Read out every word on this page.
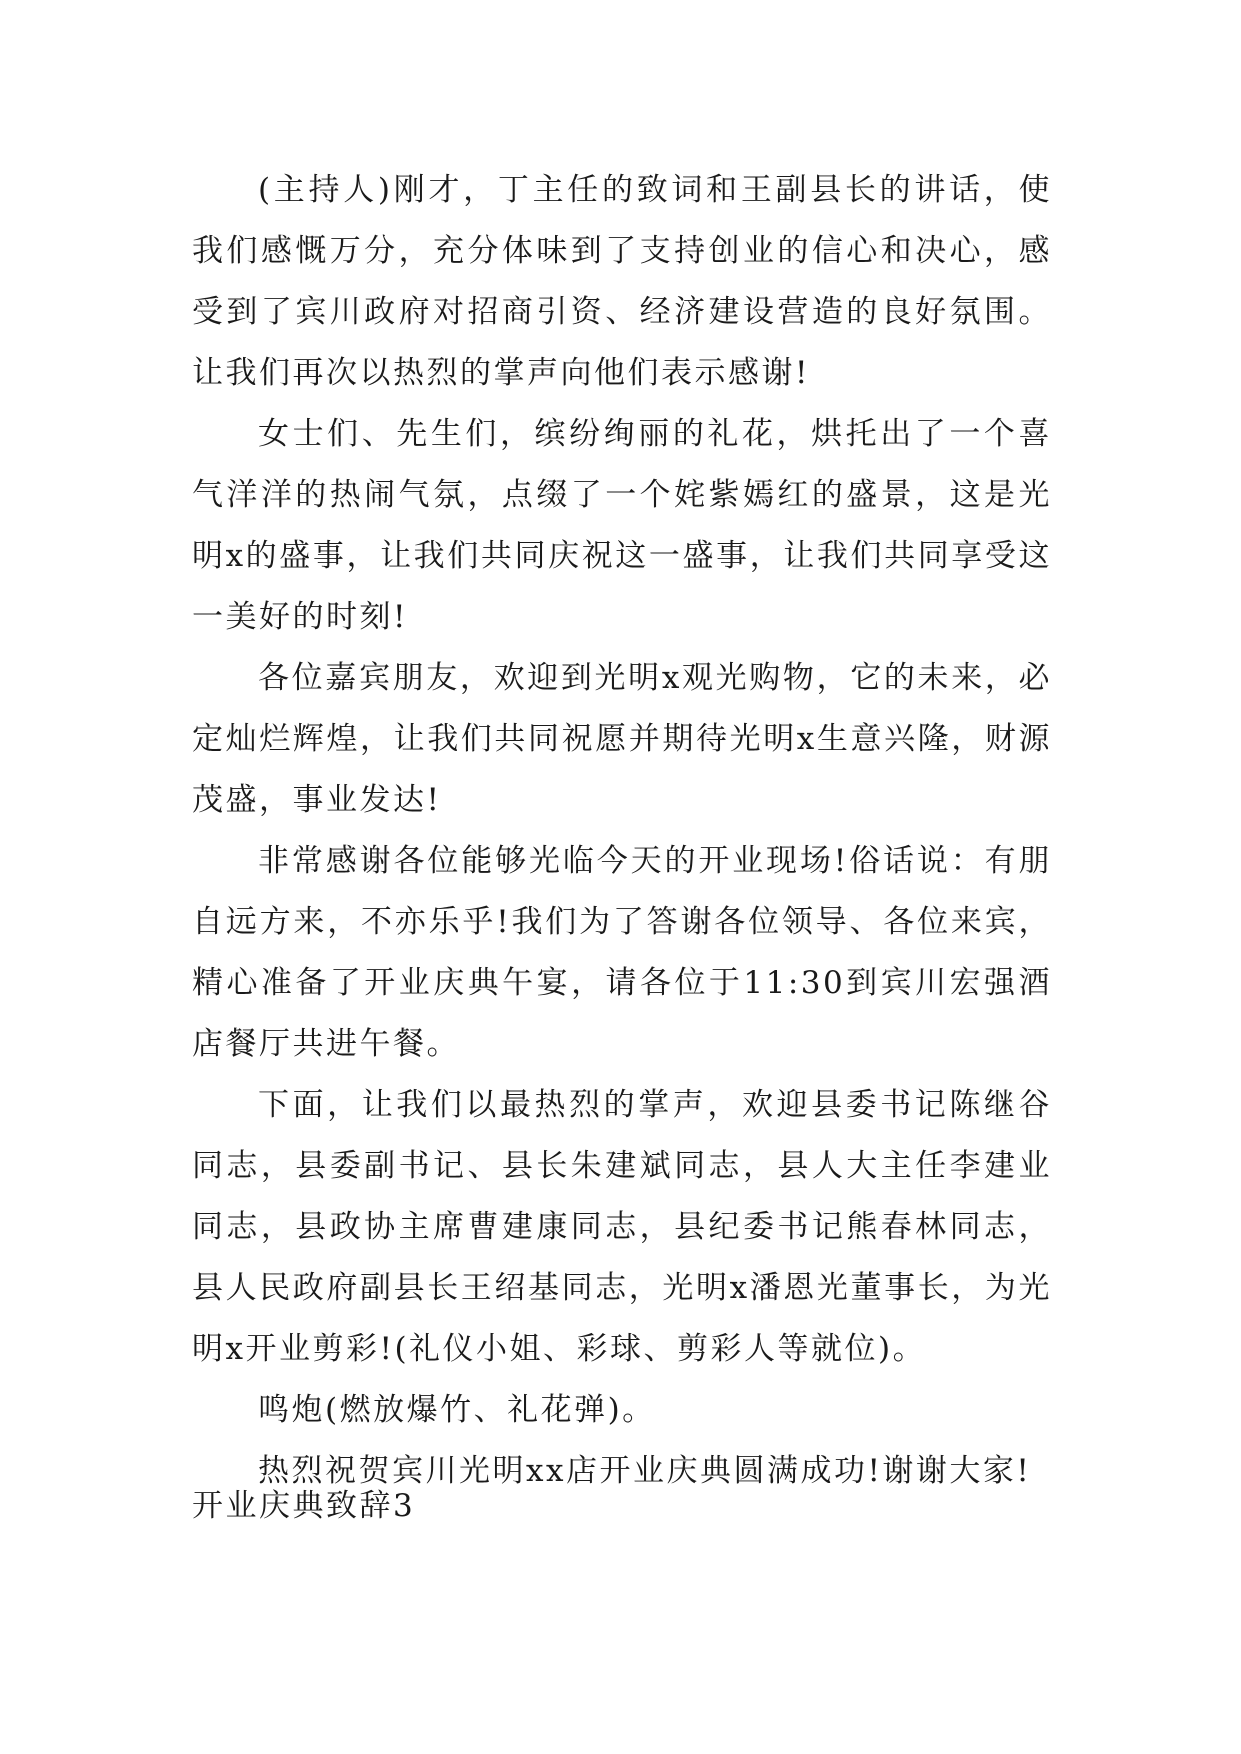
(主持人)刚才，丁主任的致词和王副县长的讲话，使我们感慨万分，充分体味到了支持创业的信心和决心，感受到了宾川政府对招商引资、经济建设营造的良好氛围。让我们再次以热烈的掌声向他们表示感谢!

女士们、先生们，缤纷绚丽的礼花，烘托出了一个喜气洋洋的热闹气氛，点缀了一个姹紫嫣红的盛景，这是光明x的盛事，让我们共同庆祝这一盛事，让我们共同享受这一美好的时刻!

各位嘉宾朋友，欢迎到光明x观光购物，它的未来，必定灿烂辉煌，让我们共同祝愿并期待光明x生意兴隆，财源茂盛，事业发达!

非常感谢各位能够光临今天的开业现场!俗话说：有朋自远方来，不亦乐乎!我们为了答谢各位领导、各位来宾，精心准备了开业庆典午宴，请各位于11:30到宾川宏强酒店餐厅共进午餐。

下面，让我们以最热烈的掌声，欢迎县委书记陈继谷同志，县委副书记、县长朱建斌同志，县人大主任李建业同志，县政协主席曹建康同志，县纪委书记熊春林同志，县人民政府副县长王绍基同志，光明x潘恩光董事长，为光明x开业剪彩!(礼仪小姐、彩球、剪彩人等就位)。

鸣炮(燃放爆竹、礼花弹)。

热烈祝贺宾川光明xx店开业庆典圆满成功!谢谢大家!

开业庆典致辞3
